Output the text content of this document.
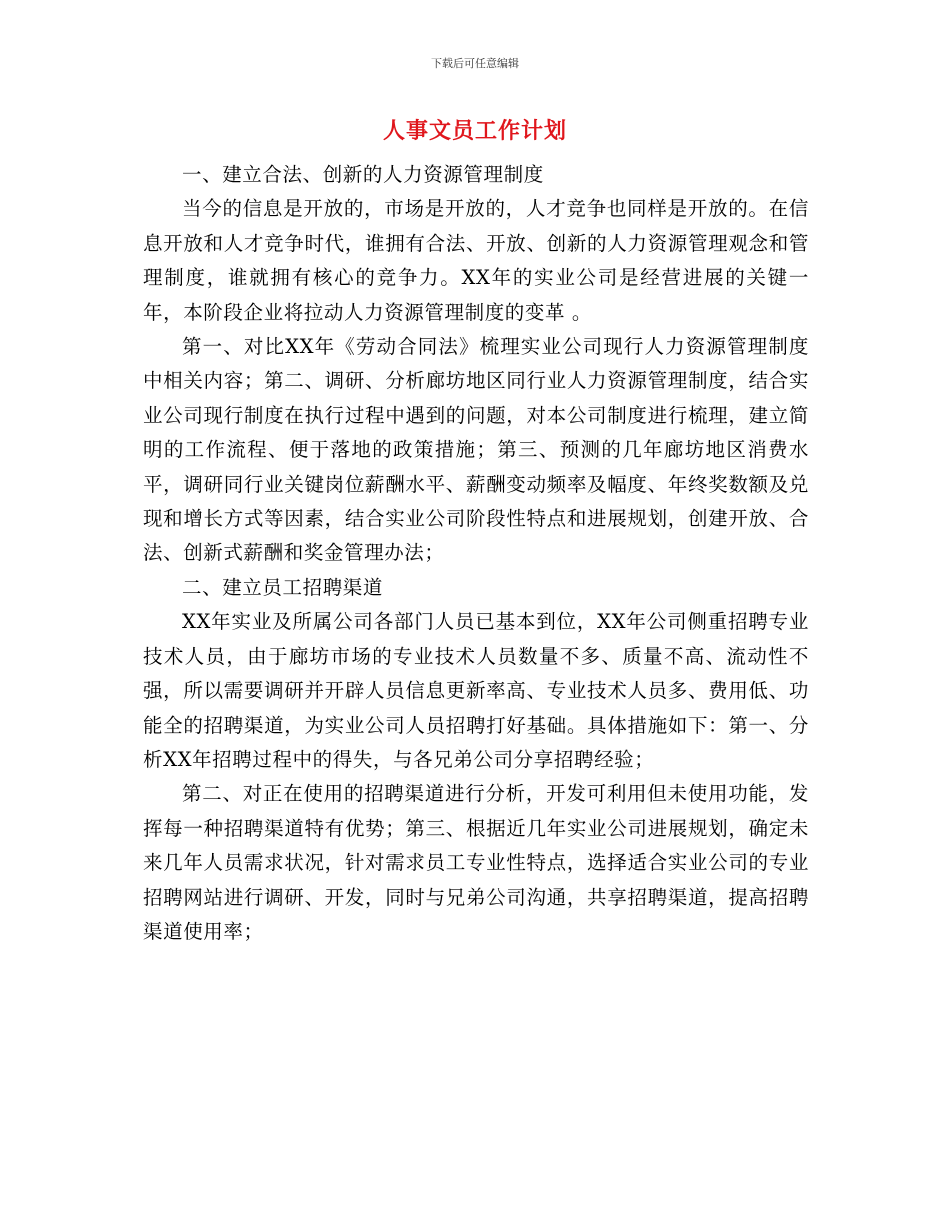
下载后可任意编辑
人事文员工作计划

一、建立合法、创新的人力资源管理制度

当今的信息是开放的，市场是开放的，人才竞争也同样是开放的。在信息开放和人才竞争时代，谁拥有合法、开放、创新的人力资源管理观念和管理制度，谁就拥有核心的竞争力。XX年的实业公司是经营进展的关键一年，本阶段企业将拉动人力资源管理制度的变革 。

第一、对比XX年《劳动合同法》梳理实业公司现行人力资源管理制度中相关内容；第二、调研、分析廊坊地区同行业人力资源管理制度，结合实业公司现行制度在执行过程中遇到的问题，对本公司制度进行梳理，建立简明的工作流程、便于落地的政策措施；第三、预测的几年廊坊地区消费水平，调研同行业关键岗位薪酬水平、薪酬变动频率及幅度、年终奖数额及兑现和增长方式等因素，结合实业公司阶段性特点和进展规划，创建开放、合法、创新式薪酬和奖金管理办法；

二、建立员工招聘渠道

XX年实业及所属公司各部门人员已基本到位，XX年公司侧重招聘专业技术人员，由于廊坊市场的专业技术人员数量不多、质量不高、流动性不强，所以需要调研并开辟人员信息更新率高、专业技术人员多、费用低、功能全的招聘渠道，为实业公司人员招聘打好基础。具体措施如下：第一、分析XX年招聘过程中的得失，与各兄弟公司分享招聘经验；

第二、对正在使用的招聘渠道进行分析，开发可利用但未使用功能，发挥每一种招聘渠道特有优势；第三、根据近几年实业公司进展规划，确定未来几年人员需求状况，针对需求员工专业性特点，选择适合实业公司的专业招聘网站进行调研、开发，同时与兄弟公司沟通，共享招聘渠道，提高招聘渠道使用率；
